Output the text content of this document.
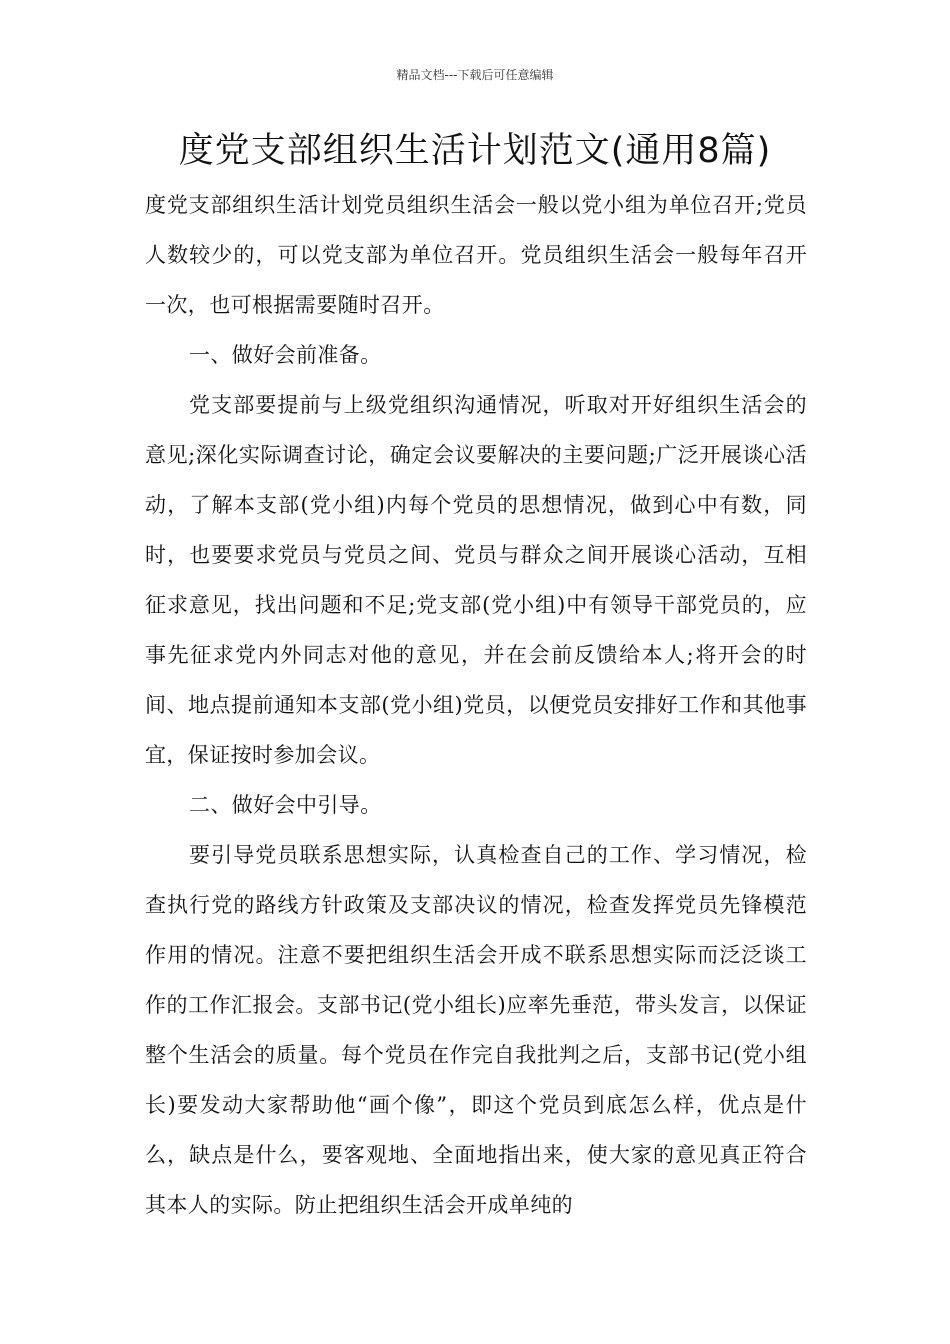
精品文档---下载后可任意编辑
度党支部组织生活计划范文(通用8篇)

度党支部组织生活计划党员组织生活会一般以党小组为单位召开;党员人数较少的，可以党支部为单位召开。党员组织生活会一般每年召开一次，也可根据需要随时召开。

一、做好会前准备。

党支部要提前与上级党组织沟通情况，听取对开好组织生活会的意见;深化实际调查讨论，确定会议要解决的主要问题;广泛开展谈心活动，了解本支部(党小组)内每个党员的思想情况，做到心中有数，同时，也要要求党员与党员之间、党员与群众之间开展谈心活动，互相征求意见，找出问题和不足;党支部(党小组)中有领导干部党员的，应事先征求党内外同志对他的意见，并在会前反馈给本人;将开会的时间、地点提前通知本支部(党小组)党员，以便党员安排好工作和其他事宜，保证按时参加会议。

二、做好会中引导。

要引导党员联系思想实际，认真检查自己的工作、学习情况，检查执行党的路线方针政策及支部决议的情况，检查发挥党员先锋模范作用的情况。注意不要把组织生活会开成不联系思想实际而泛泛谈工作的工作汇报会。支部书记(党小组长)应率先垂范，带头发言，以保证整个生活会的质量。每个党员在作完自我批判之后，支部书记(党小组长)要发动大家帮助他“画个像”，即这个党员到底怎么样，优点是什么，缺点是什么，要客观地、全面地指出来，使大家的意见真正符合其本人的实际。防止把组织生活会开成单纯的
